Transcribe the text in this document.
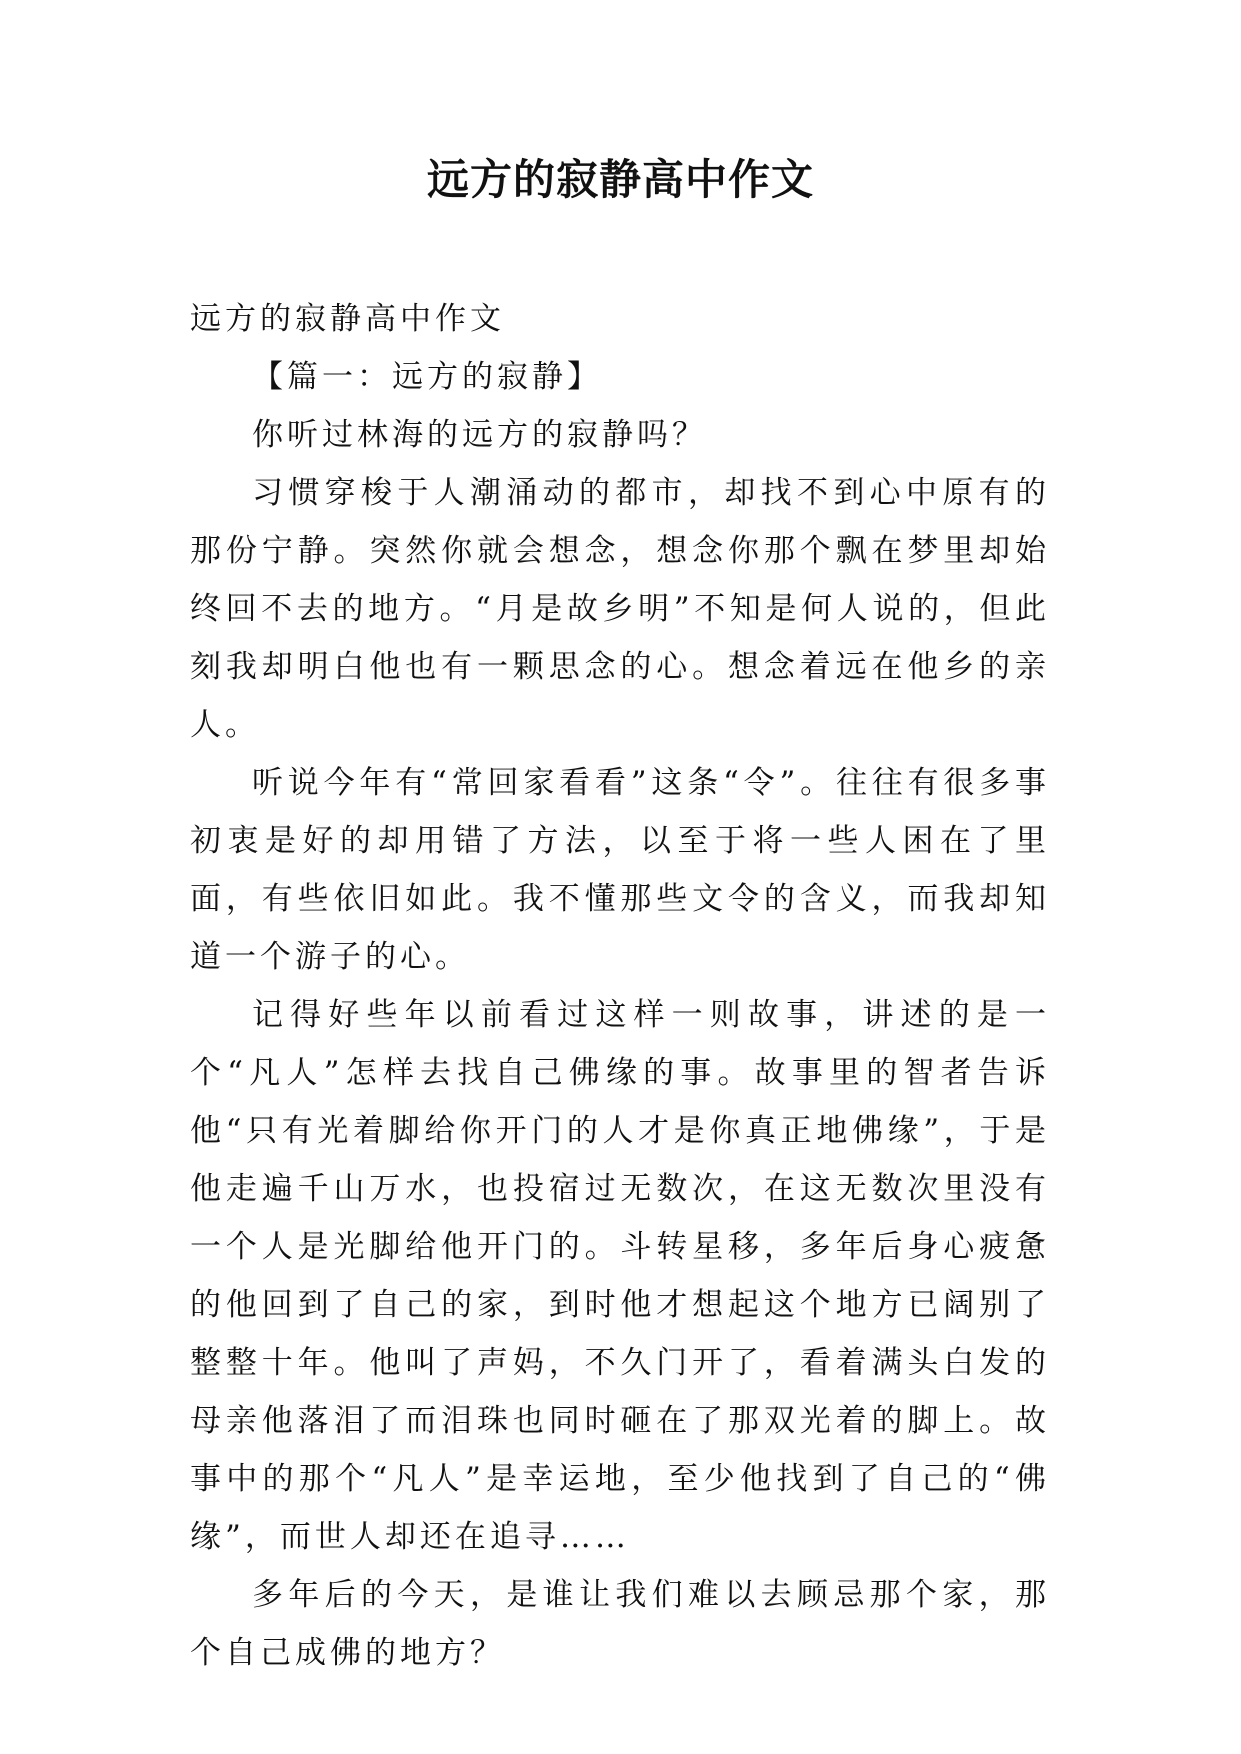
远方的寂静高中作文

远方的寂静高中作文

【篇一：远方的寂静】

你听过林海的远方的寂静吗？

习惯穿梭于人潮涌动的都市，却找不到心中原有的那份宁静。突然你就会想念，想念你那个飘在梦里却始终回不去的地方。“月是故乡明”不知是何人说的，但此刻我却明白他也有一颗思念的心。想念着远在他乡的亲人。

听说今年有“常回家看看”这条“令”。往往有很多事初衷是好的却用错了方法，以至于将一些人困在了里面，有些依旧如此。我不懂那些文令的含义，而我却知道一个游子的心。

记得好些年以前看过这样一则故事，讲述的是一个“凡人”怎样去找自己佛缘的事。故事里的智者告诉他“只有光着脚给你开门的人才是你真正地佛缘”，于是他走遍千山万水，也投宿过无数次，在这无数次里没有一个人是光脚给他开门的。斗转星移，多年后身心疲惫的他回到了自己的家，到时他才想起这个地方已阔别了整整十年。他叫了声妈，不久门开了，看着满头白发的母亲他落泪了而泪珠也同时砸在了那双光着的脚上。故事中的那个“凡人”是幸运地，至少他找到了自己的“佛缘”，而世人却还在追寻……

多年后的今天，是谁让我们难以去顾忌那个家，那个自己成佛的地方？
